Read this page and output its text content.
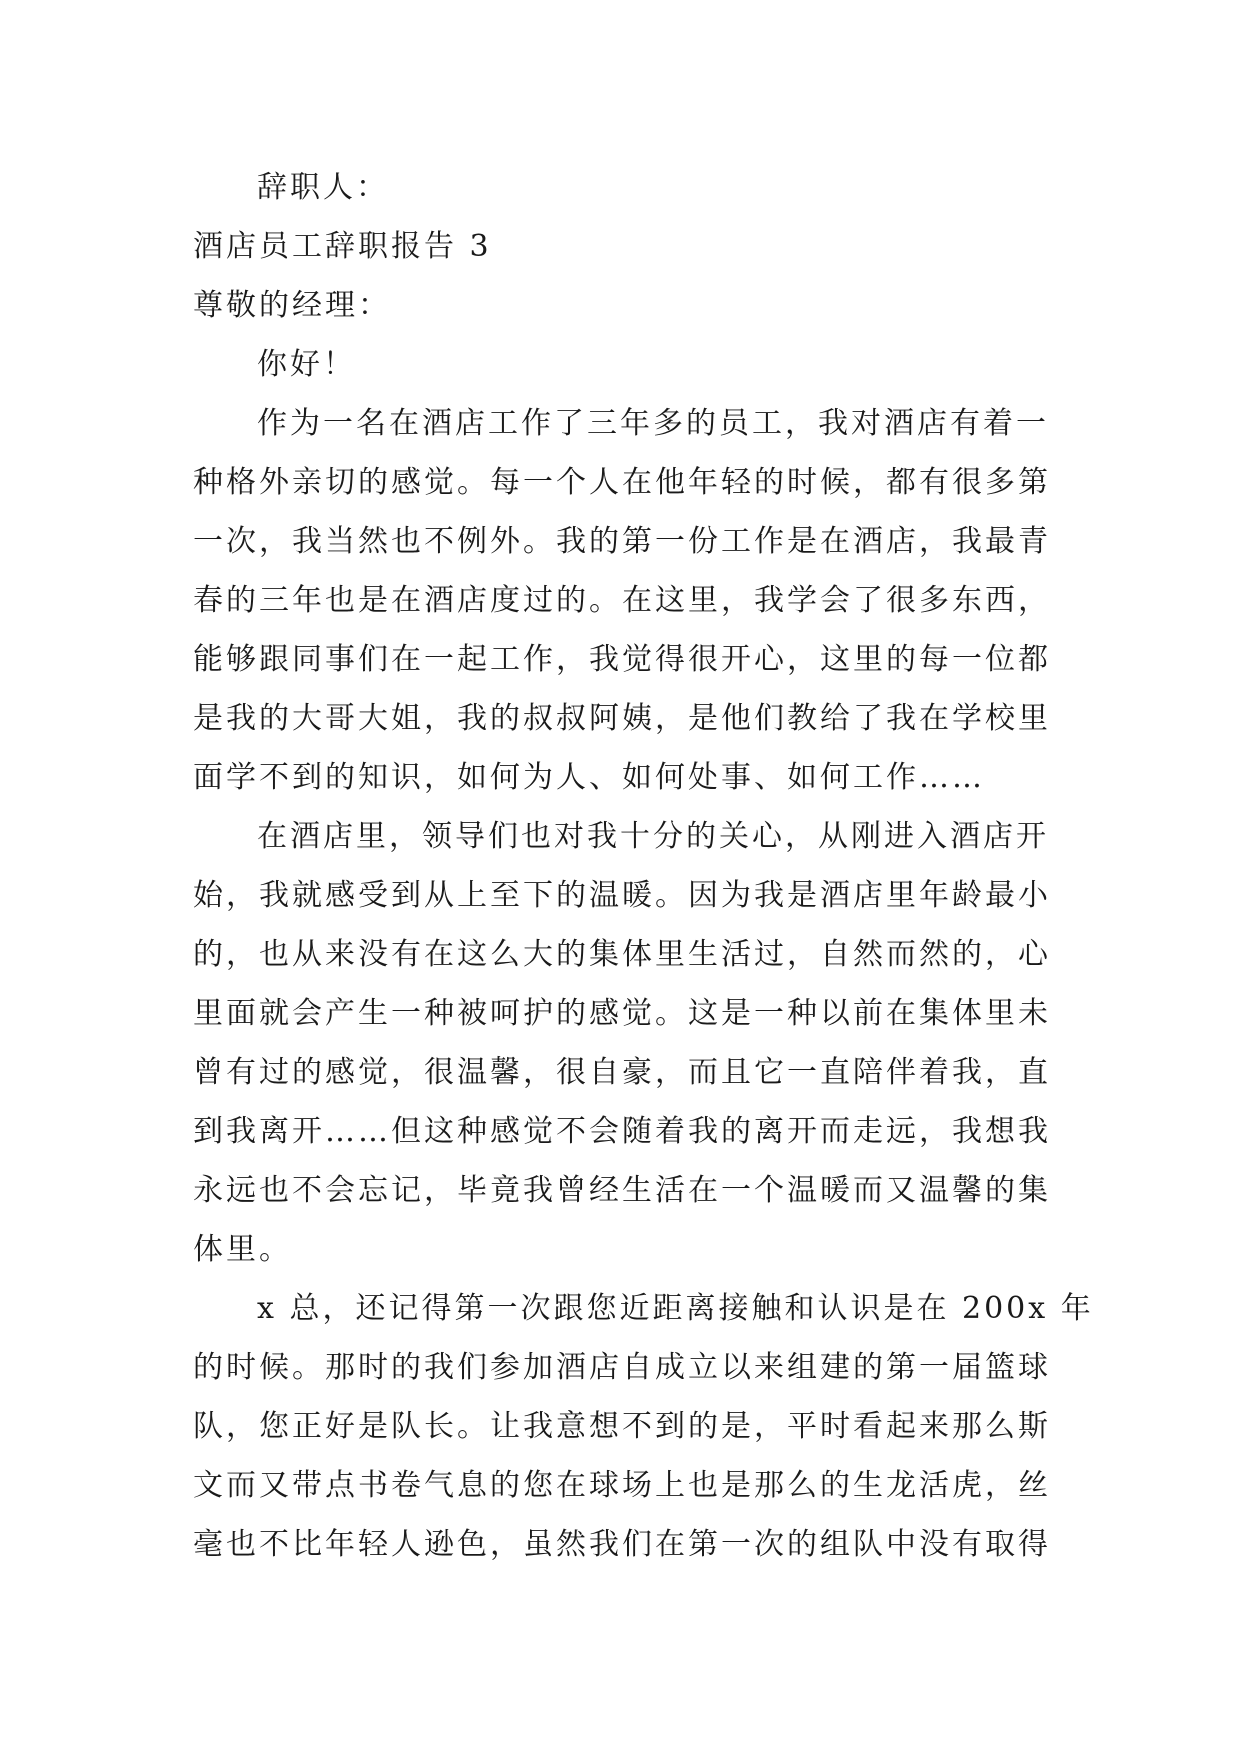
辞职人：
酒店员工辞职报告 3
尊敬的经理：
你好！
作为一名在酒店工作了三年多的员工，我对酒店有着一
种格外亲切的感觉。每一个人在他年轻的时候，都有很多第
一次，我当然也不例外。我的第一份工作是在酒店，我最青
春的三年也是在酒店度过的。在这里，我学会了很多东西，
能够跟同事们在一起工作，我觉得很开心，这里的每一位都
是我的大哥大姐，我的叔叔阿姨，是他们教给了我在学校里
面学不到的知识，如何为人、如何处事、如何工作……
在酒店里，领导们也对我十分的关心，从刚进入酒店开
始，我就感受到从上至下的温暖。因为我是酒店里年龄最小
的，也从来没有在这么大的集体里生活过，自然而然的，心
里面就会产生一种被呵护的感觉。这是一种以前在集体里未
曾有过的感觉，很温馨，很自豪，而且它一直陪伴着我，直
到我离开……但这种感觉不会随着我的离开而走远，我想我
永远也不会忘记，毕竟我曾经生活在一个温暖而又温馨的集
体里。
x 总，还记得第一次跟您近距离接触和认识是在 200x 年
的时候。那时的我们参加酒店自成立以来组建的第一届篮球
队，您正好是队长。让我意想不到的是，平时看起来那么斯
文而又带点书卷气息的您在球场上也是那么的生龙活虎，丝
毫也不比年轻人逊色，虽然我们在第一次的组队中没有取得
